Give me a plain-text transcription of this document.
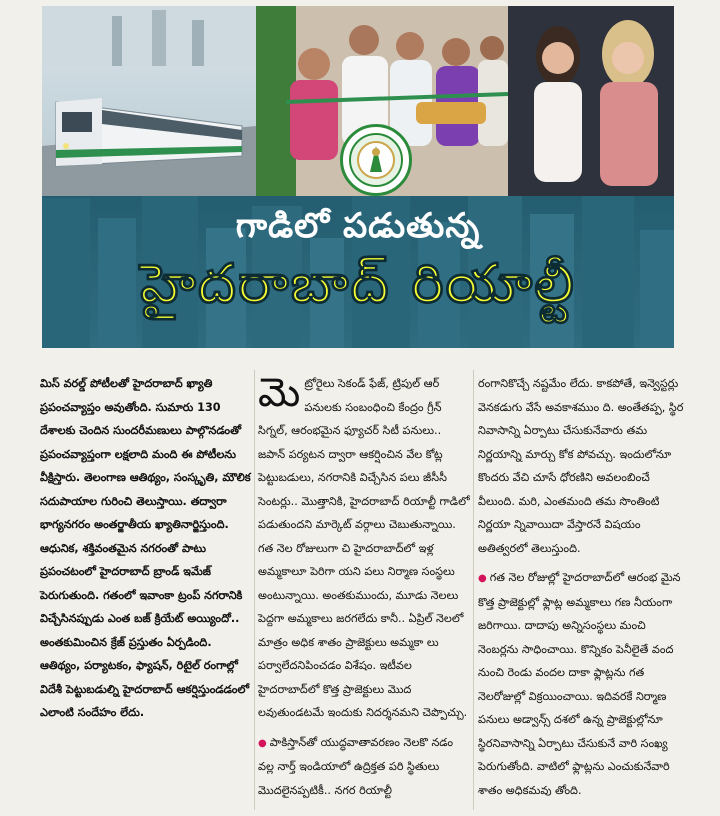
గాడిలో పడుతున్న
హైదరాబాద్ రియాల్టీ

మిస్ వరల్డ్ పోటీలతో హైదరాబాద్ ఖ్యాతి ప్రపంచవ్యాప్తం అవుతోంది. సుమారు 130 దేశాలకు చెందిన సుందరీమణులు పాల్గొనడంతో ప్రపంచవ్యాప్తంగా లక్షలాది మంది ఈ పోటీలను వీక్షిస్తారు. తెలంగాణ ఆతిథ్యం, సంస్కృతి, మౌలిక సదుపాయాల గురించి తెలుస్తాయి. తద్వారా భాగ్యనగరం అంతర్జాతీయ ఖ్యాతినార్జిస్తుంది. ఆధునిక, శక్తివంతమైన నగరంతో పాటు ప్రపంచటంలో హైదరాబాద్ బ్రాండ్ ఇమేజ్ పెరుగుతుంది. గతంలో ఇవాంకా ట్రంప్ నగరానికి విచ్చేసినప్పుడు ఎంత బజ్ క్రియేట్ అయ్యిందో.. అంతకుమించిన క్రేజ్ ప్రస్తుతం ఏర్పడింది. ఆతిథ్యం, పర్యాటకం, ఫ్యాషన్, రిటైల్ రంగాల్లో విదేశీ పెట్టుబడుల్ని హైదరాబాద్ ఆకర్షిస్తుండడంలో ఎలాంటి సందేహం లేదు.

మెట్రోరైలు సెకండ్ ఫేజ్, ట్రిపుల్ ఆర్ పనులకు సంబంధించి కేంద్రం గ్రీన్ సిగ్నల్, ఆరంభమైన ఫ్యూచర్ సిటీ పనులు.. జపాన్ పర్యటన ద్వారా ఆకర్షించిన వేల కోట్ల పెట్టుబడులు, నగరానికి విచ్చేసిన పలు జీసీసీ సెంటర్లు.. మొత్తానికి, హైదరాబాద్ రియాల్టీ గాడిలో పడుతుందని మార్కెట్ వర్గాలు చెబుతున్నాయి. గత నెల రోజులుగా చి హైదరాబాద్‌లో ఇళ్ల అమ్మకాలూ పెరిగా యని పలు నిర్మాణ సంస్థలు అంటున్నాయి. అంతకుముందు, మూడు నెలలు పెద్దగా అమ్మకాలు జరగలేదు కానీ.. ఏప్రిల్ నెలలో మాత్రం అధిక శాతం ప్రాజెక్టులు అమ్మకా లు పర్వాలేదనిపించడం విశేషం. ఇటీవల హైదరాబాద్‌లో కొత్త ప్రాజెక్టులు మొద లవుతుండటమే ఇందుకు నిదర్శనమని చెప్పొచ్చు.

● పాకిస్తాన్‌తో యుద్ధవాతావరణం నెలకొ నడం వల్ల నార్త్ ఇండియాలో ఉద్రిక్తత పరి స్థితులు మొదలైనప్పటికీ.. నగర రియాల్టీ

రంగానికొచ్చే నష్టమేం లేదు. కాకపోతే, ఇన్వెస్టర్లు వెనకడుగు వేసే అవకాశముం ది. అంతేతప్ప, స్థిర నివాసాన్ని ఏర్పాటు చేసుకునేవారు తమ నిర్ణయాన్ని మార్చు కోక పోవచ్చు. ఇందులోనూ కొందరు వేచి చూసే ధోరణిని అవలంబించే వీలుంది. మరి, ఎంతమంది తమ సొంతింటి నిర్ణయా న్నివాయిదా వేస్తారనే విషయం అతిత్వరలో తెలుస్తుంది.

● గత నెల రోజుల్లో హైదరాబాద్‌లో ఆరంభ మైన కొత్త ప్రాజెక్టుల్లో ఫ్లాట్ల అమ్మకాలు గణ నీయంగా జరిగాయి. దాదాపు అన్నిసంస్థలు మంచి నెంబర్లను సాధించాయి. కొన్నికం పెనీలైతే వంద నుంచి రెండు వందల దాకా ఫ్లాట్లను గత నెలరోజుల్లో విక్రయించాయి. ఇదివరకే నిర్మాణ పనులు అడ్వాన్స్ దశలో ఉన్న ప్రాజెక్టుల్లోనూ స్థిరనివాసాన్ని ఏర్పాటు చేసుకునే వారి సంఖ్య పెరుగుతోంది. వాటిలో ఫ్లాట్లను ఎంచుకునేవారి శాతం అధికమవు తోంది.
